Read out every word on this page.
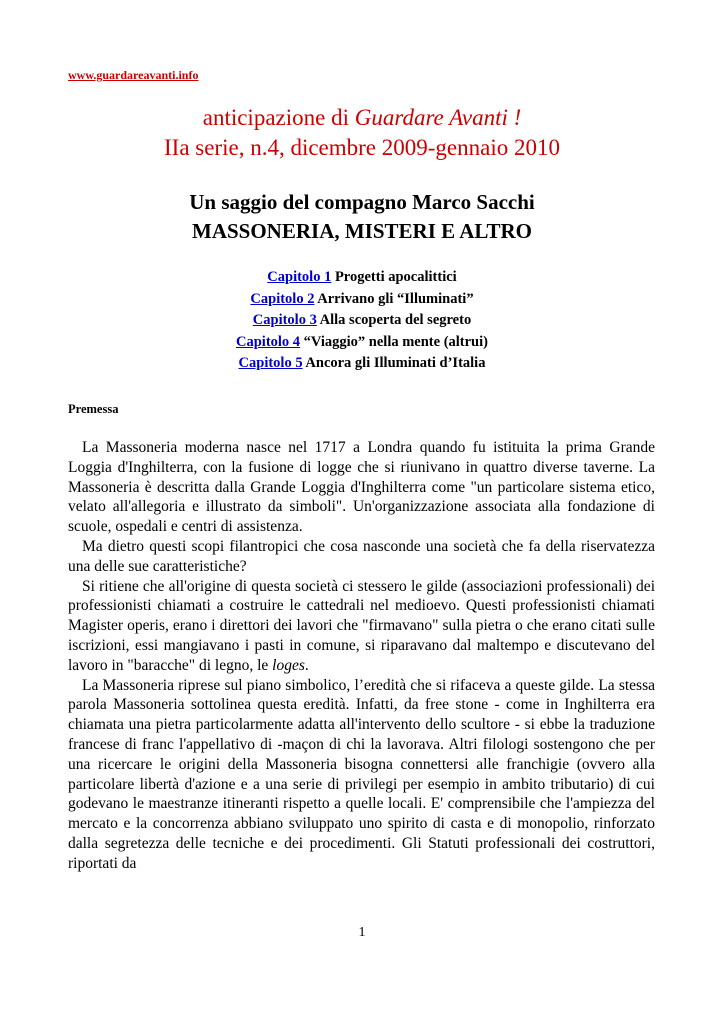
www.guardareavanti.info
anticipazione di Guardare Avanti !
IIa serie, n.4, dicembre 2009-gennaio 2010
Un saggio del compagno Marco Sacchi
MASSONERIA, MISTERI E ALTRO
Capitolo 1 Progetti apocalittici
Capitolo 2 Arrivano gli “Illuminati”
Capitolo 3 Alla scoperta del segreto
Capitolo 4 “Viaggio” nella mente (altrui)
Capitolo 5 Ancora gli Illuminati d’Italia
Premessa

La Massoneria moderna nasce nel 1717 a Londra quando fu istituita la prima Grande Loggia d'Inghilterra, con la fusione di logge che si riunivano in quattro diverse taverne. La Massoneria è descritta dalla Grande Loggia d'Inghilterra come "un particolare sistema etico, velato all'allegoria e illustrato da simboli". Un'organizzazione associata alla fondazione di scuole, ospedali e centri di assistenza.

Ma dietro questi scopi filantropici che cosa nasconde una società che fa della riservatezza una delle sue caratteristiche?

Si ritiene che all'origine di questa società ci stessero le gilde (associazioni professionali) dei professionisti chiamati a costruire le cattedrali nel medioevo. Questi professionisti chiamati Magister operis, erano i direttori dei lavori che "firmavano" sulla pietra o che erano citati sulle iscrizioni, essi mangiavano i pasti in comune, si riparavano dal maltempo e discutevano del lavoro in "baracche" di legno, le loges.

La Massoneria riprese sul piano simbolico, l’eredità che si rifaceva a queste gilde. La stessa parola Massoneria sottolinea questa eredità. Infatti, da free stone - come in Inghilterra era chiamata una pietra particolarmente adatta all'intervento dello scultore - si ebbe la traduzione francese di franc l'appellativo di -maçon di chi la lavorava. Altri filologi sostengono che per una ricercare le origini della Massoneria bisogna connettersi alle franchigie (ovvero alla particolare libertà d'azione e a una serie di privilegi per esempio in ambito tributario) di cui godevano le maestranze itineranti rispetto a quelle locali. E' comprensibile che l'ampiezza del mercato e la concorrenza abbiano sviluppato uno spirito di casta e di monopolio, rinforzato dalla segretezza delle tecniche e dei procedimenti. Gli Statuti professionali dei costruttori, riportati da

1
